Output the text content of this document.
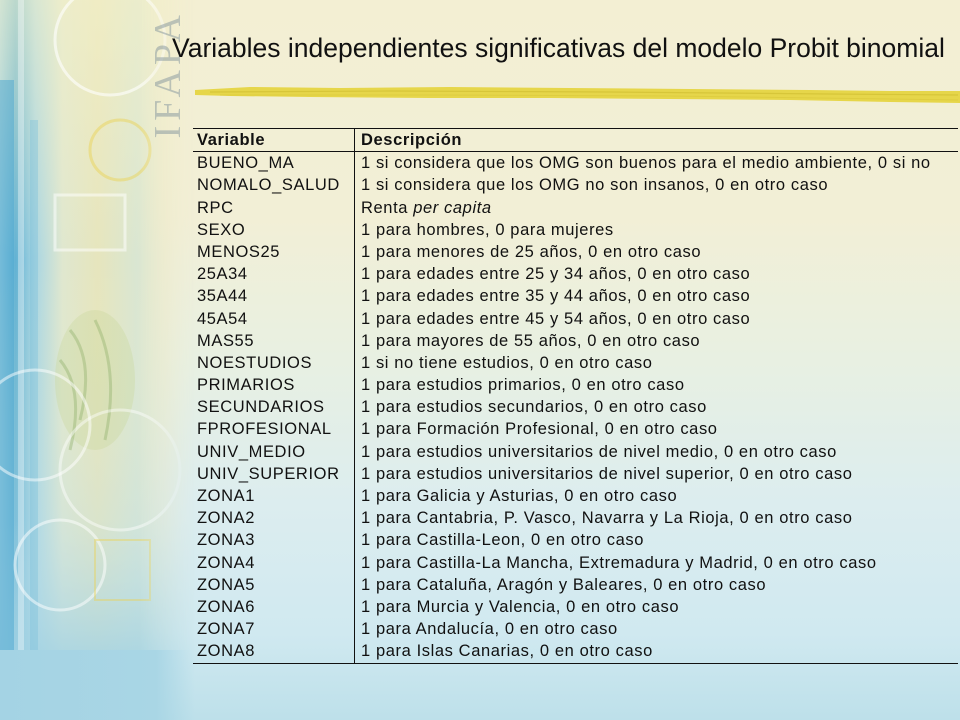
IFAPA
Variables independientes significativas del modelo Probit binomial
Variable	Descripción
BUENO_MA	1 si considera que los OMG son buenos para el medio ambiente, 0 si no
NOMALO_SALUD	1 si considera que los OMG no son insanos, 0 en otro caso
RPC	Renta per capita
SEXO	1 para hombres, 0 para mujeres
MENOS25	1 para menores de 25 años, 0 en otro caso
25A34	1 para edades entre 25 y 34 años, 0 en otro caso
35A44	1 para edades entre 35 y 44 años, 0 en otro caso
45A54	1 para edades entre 45 y 54 años, 0 en otro caso
MAS55	1 para mayores de 55 años, 0 en otro caso
NOESTUDIOS	1 si no tiene estudios, 0 en otro caso
PRIMARIOS	1 para estudios primarios, 0 en otro caso
SECUNDARIOS	1 para estudios secundarios, 0 en otro caso
FPROFESIONAL	1 para Formación Profesional, 0 en otro caso
UNIV_MEDIO	1 para estudios universitarios de nivel medio, 0 en otro caso
UNIV_SUPERIOR	1 para estudios universitarios de nivel superior, 0 en otro caso
ZONA1	1 para Galicia y Asturias, 0 en otro caso
ZONA2	1 para Cantabria, P. Vasco, Navarra y La Rioja, 0 en otro caso
ZONA3	1 para Castilla-Leon, 0 en otro caso
ZONA4	1 para Castilla-La Mancha, Extremadura y Madrid, 0 en otro caso
ZONA5	1 para Cataluña, Aragón y Baleares, 0 en otro caso
ZONA6	1 para Murcia y Valencia, 0 en otro caso
ZONA7	1 para Andalucía, 0 en otro caso
ZONA8	1 para Islas Canarias, 0 en otro caso
